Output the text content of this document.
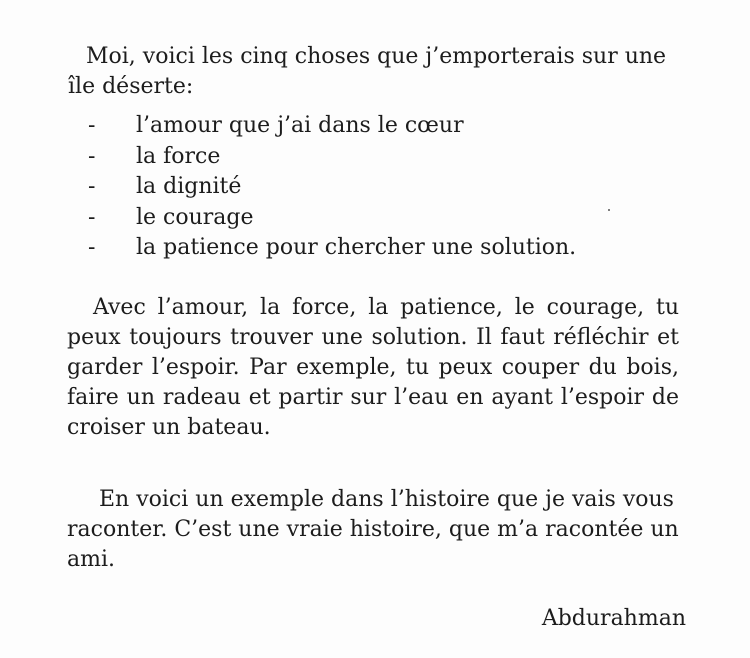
Moi, voici les cinq choses que j’emporterais sur une île déserte:

- l’amour que j’ai dans le cœur
- la force
- la dignité
- le courage
- la patience pour chercher une solution.

Avec l’amour, la force, la patience, le courage, tu peux toujours trouver une solution. Il faut réfléchir et garder l’espoir. Par exemple, tu peux couper du bois, faire un radeau et partir sur l’eau en ayant l’espoir de croiser un bateau.

En voici un exemple dans l’histoire que je vais vous raconter. C’est une vraie histoire, que m’a racontée un ami.

Abdurahman
